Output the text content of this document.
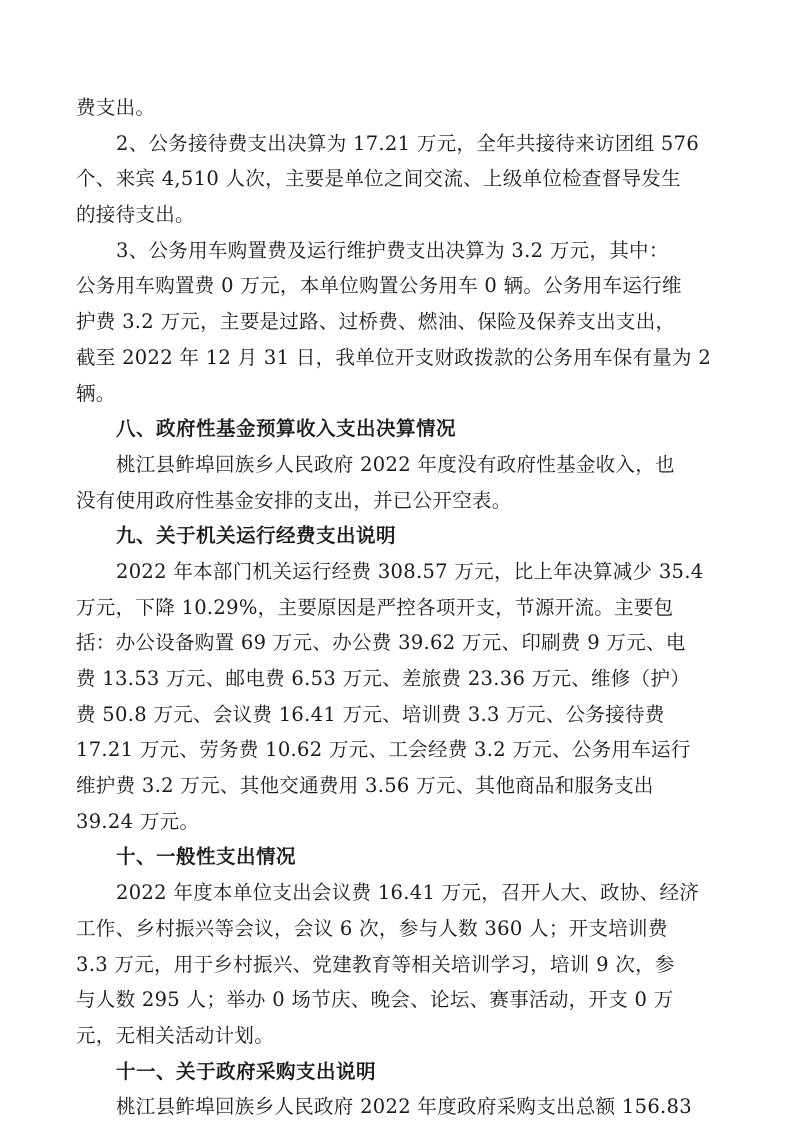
费支出。
2、公务接待费支出决算为 17.21 万元，全年共接待来访团组 576
个、来宾 4,510 人次，主要是单位之间交流、上级单位检查督导发生
的接待支出。
3、公务用车购置费及运行维护费支出决算为 3.2 万元，其中：
公务用车购置费 0 万元，本单位购置公务用车 0 辆。公务用车运行维
护费 3.2 万元，主要是过路、过桥费、燃油、保险及保养支出支出，
截至 2022 年 12 月 31 日，我单位开支财政拨款的公务用车保有量为 2
辆。
八、政府性基金预算收入支出决算情况
桃江县鲊埠回族乡人民政府 2022 年度没有政府性基金收入，也
没有使用政府性基金安排的支出，并已公开空表。
九、关于机关运行经费支出说明
2022 年本部门机关运行经费 308.57 万元，比上年决算减少 35.4
万元，下降 10.29%，主要原因是严控各项开支，节源开流。主要包
括：办公设备购置 69 万元、办公费 39.62 万元、印刷费 9 万元、电
费 13.53 万元、邮电费 6.53 万元、差旅费 23.36 万元、维修（护）
费 50.8 万元、会议费 16.41 万元、培训费 3.3 万元、公务接待费
17.21 万元、劳务费 10.62 万元、工会经费 3.2 万元、公务用车运行
维护费 3.2 万元、其他交通费用 3.56 万元、其他商品和服务支出
39.24 万元。
十、一般性支出情况
2022 年度本单位支出会议费 16.41 万元，召开人大、政协、经济
工作、乡村振兴等会议，会议 6 次，参与人数 360 人；开支培训费
3.3 万元，用于乡村振兴、党建教育等相关培训学习，培训 9 次，参
与人数 295 人；举办 0 场节庆、晚会、论坛、赛事活动，开支 0 万
元，无相关活动计划。
十一、关于政府采购支出说明
桃江县鲊埠回族乡人民政府 2022 年度政府采购支出总额 156.83
